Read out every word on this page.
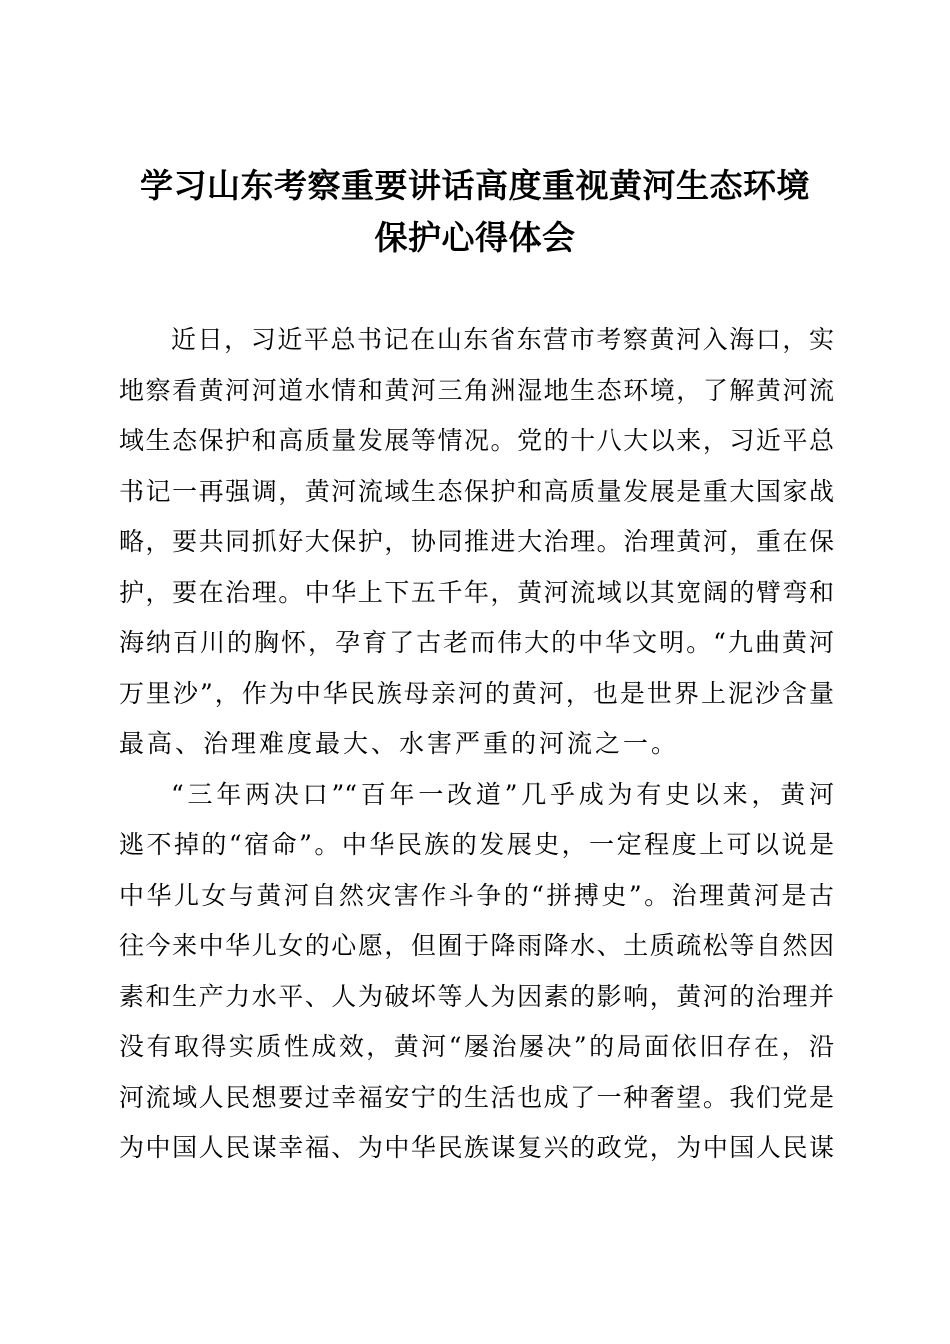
学习山东考察重要讲话高度重视黄河生态环境
保护心得体会
近日，习近平总书记在山东省东营市考察黄河入海口，实
地察看黄河河道水情和黄河三角洲湿地生态环境，了解黄河流
域生态保护和高质量发展等情况。党的十八大以来，习近平总
书记一再强调，黄河流域生态保护和高质量发展是重大国家战
略，要共同抓好大保护，协同推进大治理。治理黄河，重在保
护，要在治理。中华上下五千年，黄河流域以其宽阔的臂弯和
海纳百川的胸怀，孕育了古老而伟大的中华文明。“九曲黄河
万里沙”，作为中华民族母亲河的黄河，也是世界上泥沙含量
最高、治理难度最大、水害严重的河流之一。
“三年两决口”“百年一改道”几乎成为有史以来，黄河
逃不掉的“宿命”。中华民族的发展史，一定程度上可以说是
中华儿女与黄河自然灾害作斗争的“拼搏史”。治理黄河是古
往今来中华儿女的心愿，但囿于降雨降水、土质疏松等自然因
素和生产力水平、人为破坏等人为因素的影响，黄河的治理并
没有取得实质性成效，黄河“屡治屡决”的局面依旧存在，沿
河流域人民想要过幸福安宁的生活也成了一种奢望。我们党是
为中国人民谋幸福、为中华民族谋复兴的政党，为中国人民谋
